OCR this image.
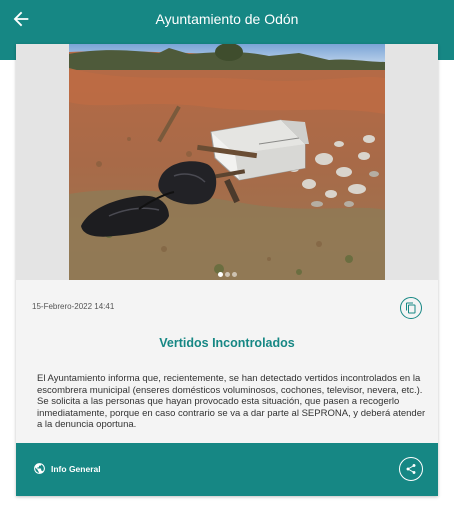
Ayuntamiento de Odón
15-Febrero-2022 14:41
Vertidos Incontrolados

El Ayuntamiento informa que, recientemente, se han detectado vertidos incontrolados en la escombrera municipal (enseres domésticos voluminosos, cochones, televisor, nevera, etc.).

Se solicita a las personas que hayan provocado esta situación, que pasen a recogerlo inmediatamente, porque en caso contrario se va a dar parte al SEPRONA, y deberá atender a la denuncia oportuna.

Info General
